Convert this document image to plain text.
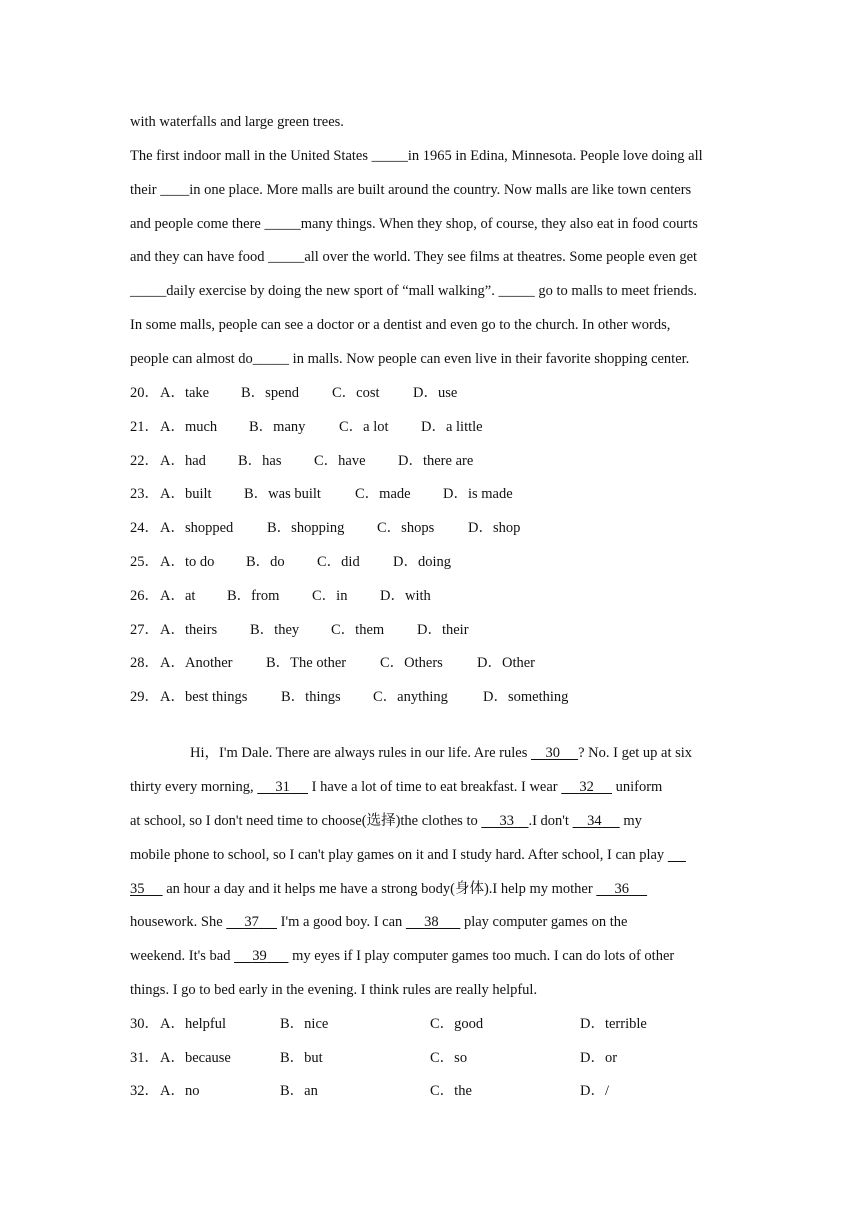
with waterfalls and large green trees.
The first indoor mall in the United States _____in 1965 in Edina, Minnesota. People love doing all
their ____in one place. More malls are built around the country. Now malls are like town centers
and people come there _____many things. When they shop, of course, they also eat in food courts
and they can have food _____all over the world. They see films at theatres. Some people even get
_____daily exercise by doing the new sport of “mall walking”. _____ go to malls to meet friends.
In some malls, people can see a doctor or a dentist and even go to the church. In other words,
people can almost do_____ in malls. Now people can even live in their favorite shopping center.
20． A．take B．spend C．cost D．use
21． A．much B．many C．a lot D．a little
22． A．had B．has C．have D．there are
23． A．built B．was built C．made D．is made
24． A．shopped B．shopping C．shops D．shop
25． A．to do B．do C．did D．doing
26． A．at B．from C．in D．with
27． A．theirs B．they C．them D．their
28． A．Another B．The other C．Others D．Other
29． A．best things B．things C．anything D．something
Hi，I'm Dale. There are always rules in our life. Are rules     30 ? No. I get up at six
thirty every morning,      31      I have a lot of time to eat breakfast. I wear      32      uniform
at school, so I don't need time to choose(选择)the clothes to      33 .I don't     34      my
mobile phone to school, so I can't play games on it and I study hard. After school, I can play
35      an hour a day and it helps me have a strong body(身体).I help my mother      36
housework. She      37      I'm a good boy. I can      38       play computer games on the
weekend. It's bad      39       my eyes if I play computer games too much. I can do lots of other
things. I go to bed early in the evening. I think rules are really helpful.
30． A．helpful	B．nice	C．good	D．terrible
31． A．because	B．but	C．so	D．or
32． A．no	B．an	C．the	D．/
